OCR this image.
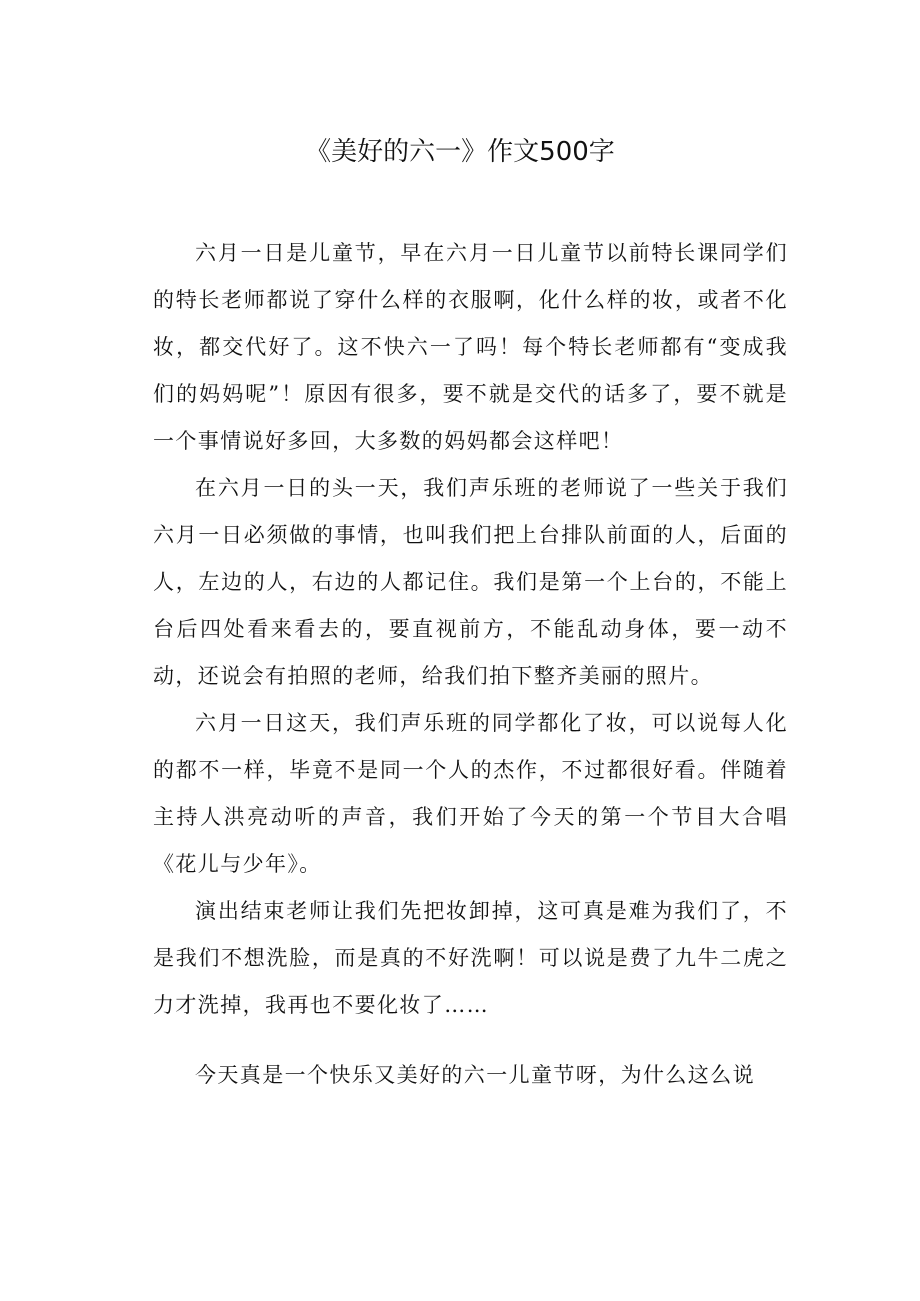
《美好的六一》作文500字

六月一日是儿童节，早在六月一日儿童节以前特长课同学们的特长老师都说了穿什么样的衣服啊，化什么样的妆，或者不化妆，都交代好了。这不快六一了吗！每个特长老师都有“变成我们的妈妈呢”！原因有很多，要不就是交代的话多了，要不就是一个事情说好多回，大多数的妈妈都会这样吧！

在六月一日的头一天，我们声乐班的老师说了一些关于我们六月一日必须做的事情，也叫我们把上台排队前面的人，后面的人，左边的人，右边的人都记住。我们是第一个上台的，不能上台后四处看来看去的，要直视前方，不能乱动身体，要一动不动，还说会有拍照的老师，给我们拍下整齐美丽的照片。

六月一日这天，我们声乐班的同学都化了妆，可以说每人化的都不一样，毕竟不是同一个人的杰作，不过都很好看。伴随着主持人洪亮动听的声音，我们开始了今天的第一个节目大合唱《花儿与少年》。

演出结束老师让我们先把妆卸掉，这可真是难为我们了，不是我们不想洗脸，而是真的不好洗啊！可以说是费了九牛二虎之力才洗掉，我再也不要化妆了……

今天真是一个快乐又美好的六一儿童节呀，为什么这么说
